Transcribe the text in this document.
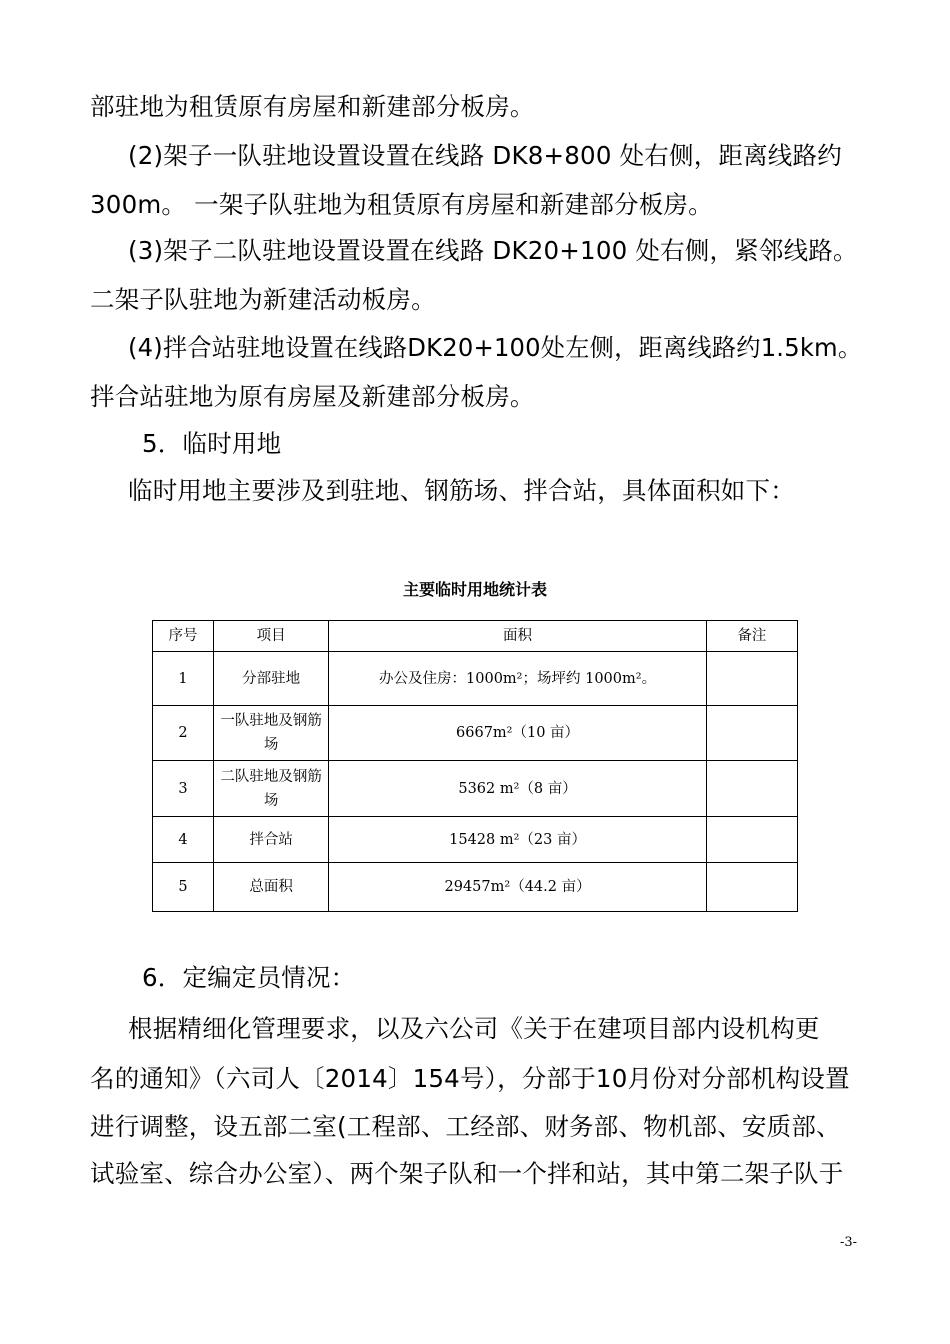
部驻地为租赁原有房屋和新建部分板房。
(2)架子一队驻地设置设置在线路 DK8+800 处右侧，距离线路约
300m。 一架子队驻地为租赁原有房屋和新建部分板房。
(3)架子二队驻地设置设置在线路 DK20+100 处右侧，紧邻线路。
二架子队驻地为新建活动板房。
(4)拌合站驻地设置在线路DK20+100处左侧，距离线路约1.5km。
拌合站驻地为原有房屋及新建部分板房。
5．临时用地
临时用地主要涉及到驻地、钢筋场、拌合站，具体面积如下：
主要临时用地统计表
序号	项目	面积	备注
1	分部驻地	办公及住房：1000m²；场坪约 1000m²。	
2	一队驻地及钢筋场	6667m²（10 亩）	
3	二队驻地及钢筋场	5362 m²（8 亩）	
4	拌合站	15428 m²（23 亩）	
5	总面积	29457m²（44.2 亩）	
6．定编定员情况：
根据精细化管理要求，以及六公司《关于在建项目部内设机构更
名的通知》（六司人〔2014〕154号），分部于10月份对分部机构设置
进行调整，设五部二室(工程部、工经部、财务部、物机部、安质部、
试验室、综合办公室）、两个架子队和一个拌和站，其中第二架子队于
-3-
